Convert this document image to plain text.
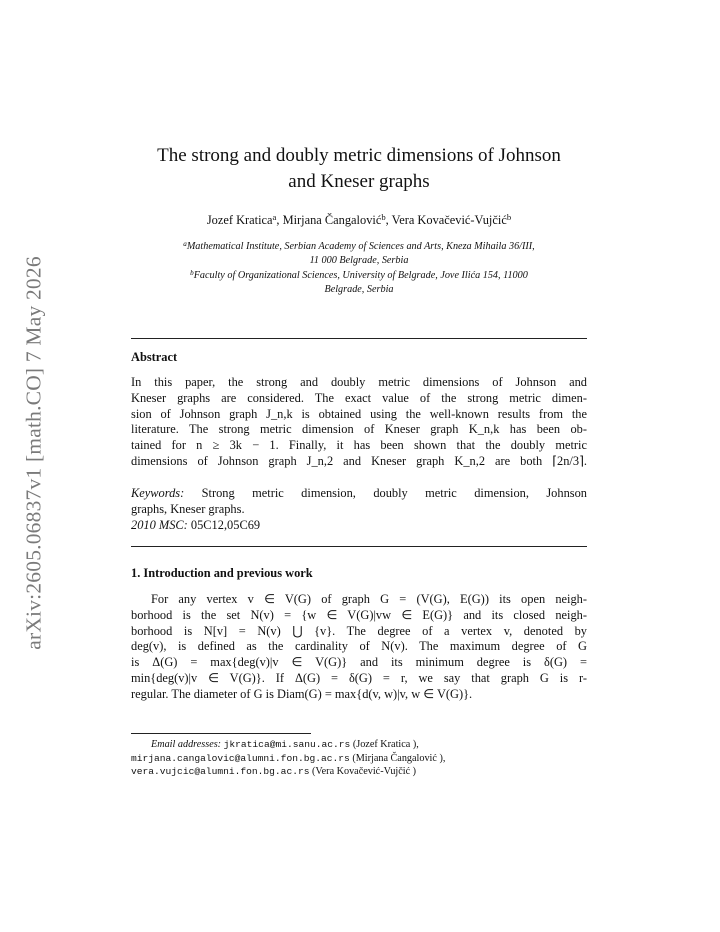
arXiv:2605.06837v1 [math.CO] 7 May 2026
The strong and doubly metric dimensions of Johnson
and Kneser graphs
Jozef Kratica$^a$, Mirjana Čangalović$^b$, Vera Kovačević-Vujčić$^b$
$^a$Mathematical Institute, Serbian Academy of Sciences and Arts, Kneza Mihaila 36/III,
11 000 Belgrade, Serbia
$^b$Faculty of Organizational Sciences, University of Belgrade, Jove Ilića 154, 11000
Belgrade, Serbia
Abstract
In this paper, the strong and doubly metric dimensions of Johnson and
Kneser graphs are considered. The exact value of the strong metric dimen-
sion of Johnson graph J_n,k is obtained using the well-known results from the
literature. The strong metric dimension of Kneser graph K_n,k has been ob-
tained for n ≥ 3k − 1. Finally, it has been shown that the doubly metric
dimensions of Johnson graph J_n,2 and Kneser graph K_n,2 are both ⌈2n/3⌉.
Keywords: Strong metric dimension, doubly metric dimension, Johnson
graphs, Kneser graphs.
2010 MSC: 05C12,05C69
1. Introduction and previous work
For any vertex v ∈ V(G) of graph G = (V(G), E(G)) its open neigh-
borhood is the set N(v) = {w ∈ V(G)|vw ∈ E(G)} and its closed neigh-
borhood is N[v] = N(v) ⋃ {v}. The degree of a vertex v, denoted by
deg(v), is defined as the cardinality of N(v). The maximum degree of G
is Δ(G) = max{deg(v)|v ∈ V(G)} and its minimum degree is δ(G) =
min{deg(v)|v ∈ V(G)}. If Δ(G) = δ(G) = r, we say that graph G is r-
regular. The diameter of G is Diam(G) = max{d(v, w)|v, w ∈ V(G)}.
Email addresses: jkratica@mi.sanu.ac.rs (Jozef Kratica ),
mirjana.cangalovic@alumni.fon.bg.ac.rs (Mirjana Čangalović ),
vera.vujcic@alumni.fon.bg.ac.rs (Vera Kovačević-Vujčić )
